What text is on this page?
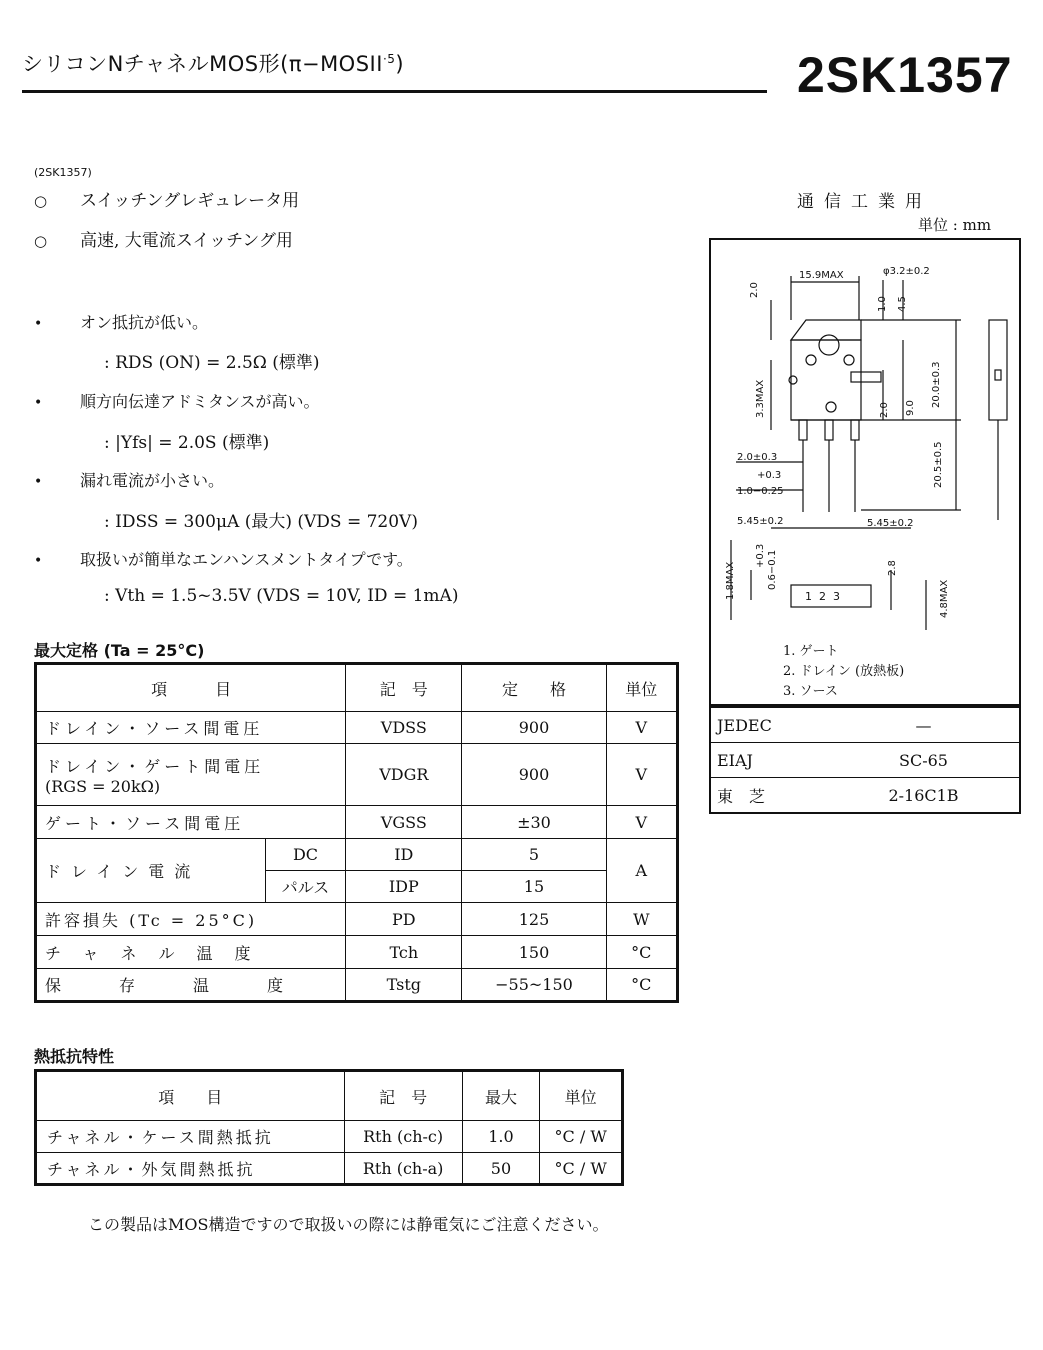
シリコンNチャネルMOS形$(\pi-MOSII^{\cdot 5})$	2SK1357
(2SK1357)
○ スイッチングレギュレータ用
○ 高速, 大電流スイッチング用
• オン抵抗が低い。
: RDS (ON) = 2.5Ω (標準)
• 順方向伝達アドミタンスが高い。
: |Yfs| = 2.0S (標準)
• 漏れ電流が小さい。
: IDSS = 300μA (最大) (VDS = 720V)
• 取扱いが簡単なエンハンスメントタイプです。
: Vth = 1.5~3.5V (VDS = 10V, ID = 1mA)
通信工業用
単位 : mm
15.9MAX	φ3.2±0.2
2.0
1.0 4.5
3.3MAX	2.0 9.0
20.0±0.3
2.0±0.3
+0.3
1.0−0.25
20.5±0.5
5.45±0.2	5.45±0.2
1.8MAX	0.6−0.1
+0.3
2.8
4.8MAX
1  2  3
1. ゲート
2. ドレイン (放熱板)
3. ソース
JEDEC	—
EIAJ	SC-65
東　芝	2-16C1B
最大定格 (Ta = 25°C)
項　　　目		記　号	定　　格	単位
ドレイン・ソース間電圧		VDSS	900	V

ドレイン・ゲート間電圧
(RGS = 20kΩ)		VDGR	900	V
ゲート・ソース間電圧		VGSS	±30	V
ドレイン電流	DC	ID	5	A
	パルス	IDP	15	
許容損失 (Tc = 25°C)		PD	125	W
チャネル温度		Tch	150	°C
保存温度		Tstg	−55~150	°C
熱抵抗特性
項　　目	記　号	最大	単位
チャネル・ケース間熱抵抗	Rth (ch-c)	1.0	°C / W
チャネル・外気間熱抵抗	Rth (ch-a)	50	°C / W
この製品はMOS構造ですので取扱いの際には静電気にご注意ください。
